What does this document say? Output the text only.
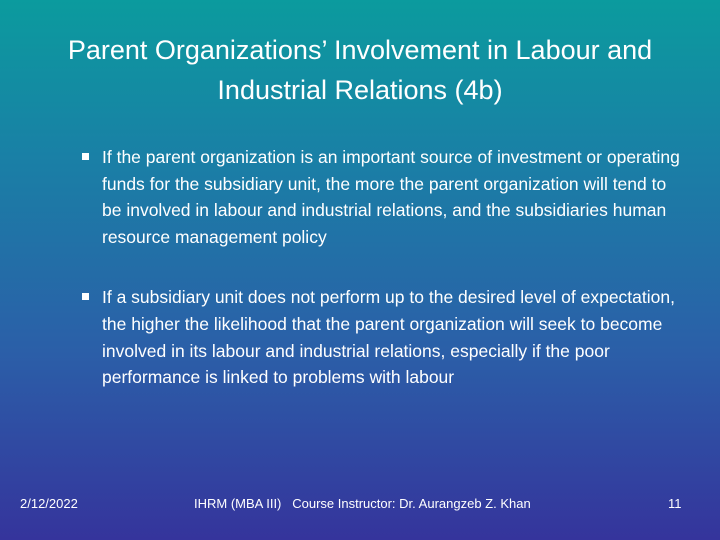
Parent Organizations’ Involvement in Labour and Industrial Relations (4b)
If the parent organization is an important source of investment or operating funds for the subsidiary unit, the more the parent organization will tend to be involved in labour and industrial relations, and the subsidiaries human resource management policy
If a subsidiary unit does not perform up to the desired level of expectation, the higher the likelihood that the parent organization will seek to become involved in its labour and industrial relations, especially if the poor performance is linked to problems with labour
2/12/2022	IHRM (MBA III) Course Instructor: Dr. Aurangzeb Z. Khan	11
